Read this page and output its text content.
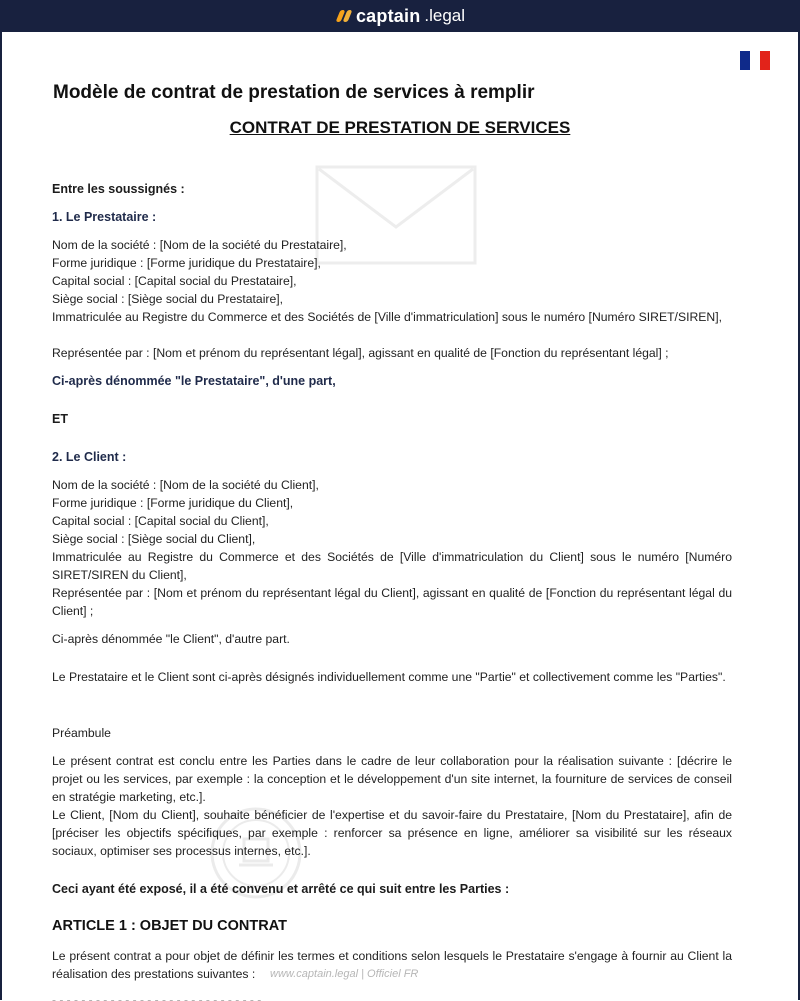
captain .legal
Modèle de contrat de prestation de services à remplir
CONTRAT DE PRESTATION DE SERVICES
Entre les soussignés :
1. Le Prestataire :
Nom de la société : [Nom de la société du Prestataire],
Forme juridique : [Forme juridique du Prestataire],
Capital social : [Capital social du Prestataire],
Siège social : [Siège social du Prestataire],
Immatriculée au Registre du Commerce et des Sociétés de [Ville d'immatriculation] sous le numéro [Numéro SIRET/SIREN],
Représentée par : [Nom et prénom du représentant légal], agissant en qualité de [Fonction du représentant légal] ;
Ci-après dénommée "le Prestataire", d'une part,
ET
2. Le Client :
Nom de la société : [Nom de la société du Client],
Forme juridique : [Forme juridique du Client],
Capital social : [Capital social du Client],
Siège social : [Siège social du Client],
Immatriculée au Registre du Commerce et des Sociétés de [Ville d'immatriculation du Client] sous le numéro [Numéro SIRET/SIREN du Client],
Représentée par : [Nom et prénom du représentant légal du Client], agissant en qualité de [Fonction du représentant légal du Client] ;
Ci-après dénommée "le Client", d'autre part.
Le Prestataire et le Client sont ci-après désignés individuellement comme une "Partie" et collectivement comme les "Parties".
Préambule
Le présent contrat est conclu entre les Parties dans le cadre de leur collaboration pour la réalisation suivante : [décrire le projet ou les services, par exemple : la conception et le développement d'un site internet, la fourniture de services de conseil en stratégie marketing, etc.].
Le Client, [Nom du Client], souhaite bénéficier de l'expertise et du savoir-faire du Prestataire, [Nom du Prestataire], afin de [préciser les objectifs spécifiques, par exemple : renforcer sa présence en ligne, améliorer sa visibilité sur les réseaux sociaux, optimiser ses processus internes, etc.].
Ceci ayant été exposé, il a été convenu et arrêté ce qui suit entre les Parties :
ARTICLE 1 : OBJET DU CONTRAT
Le présent contrat a pour objet de définir les termes et conditions selon lesquels le Prestataire s'engage à fournir au Client la réalisation des prestations suivantes :	www.captain.legal | Officiel FR
- - - - - - - - - - - - - - - - - - - - - - - - - - - - -
